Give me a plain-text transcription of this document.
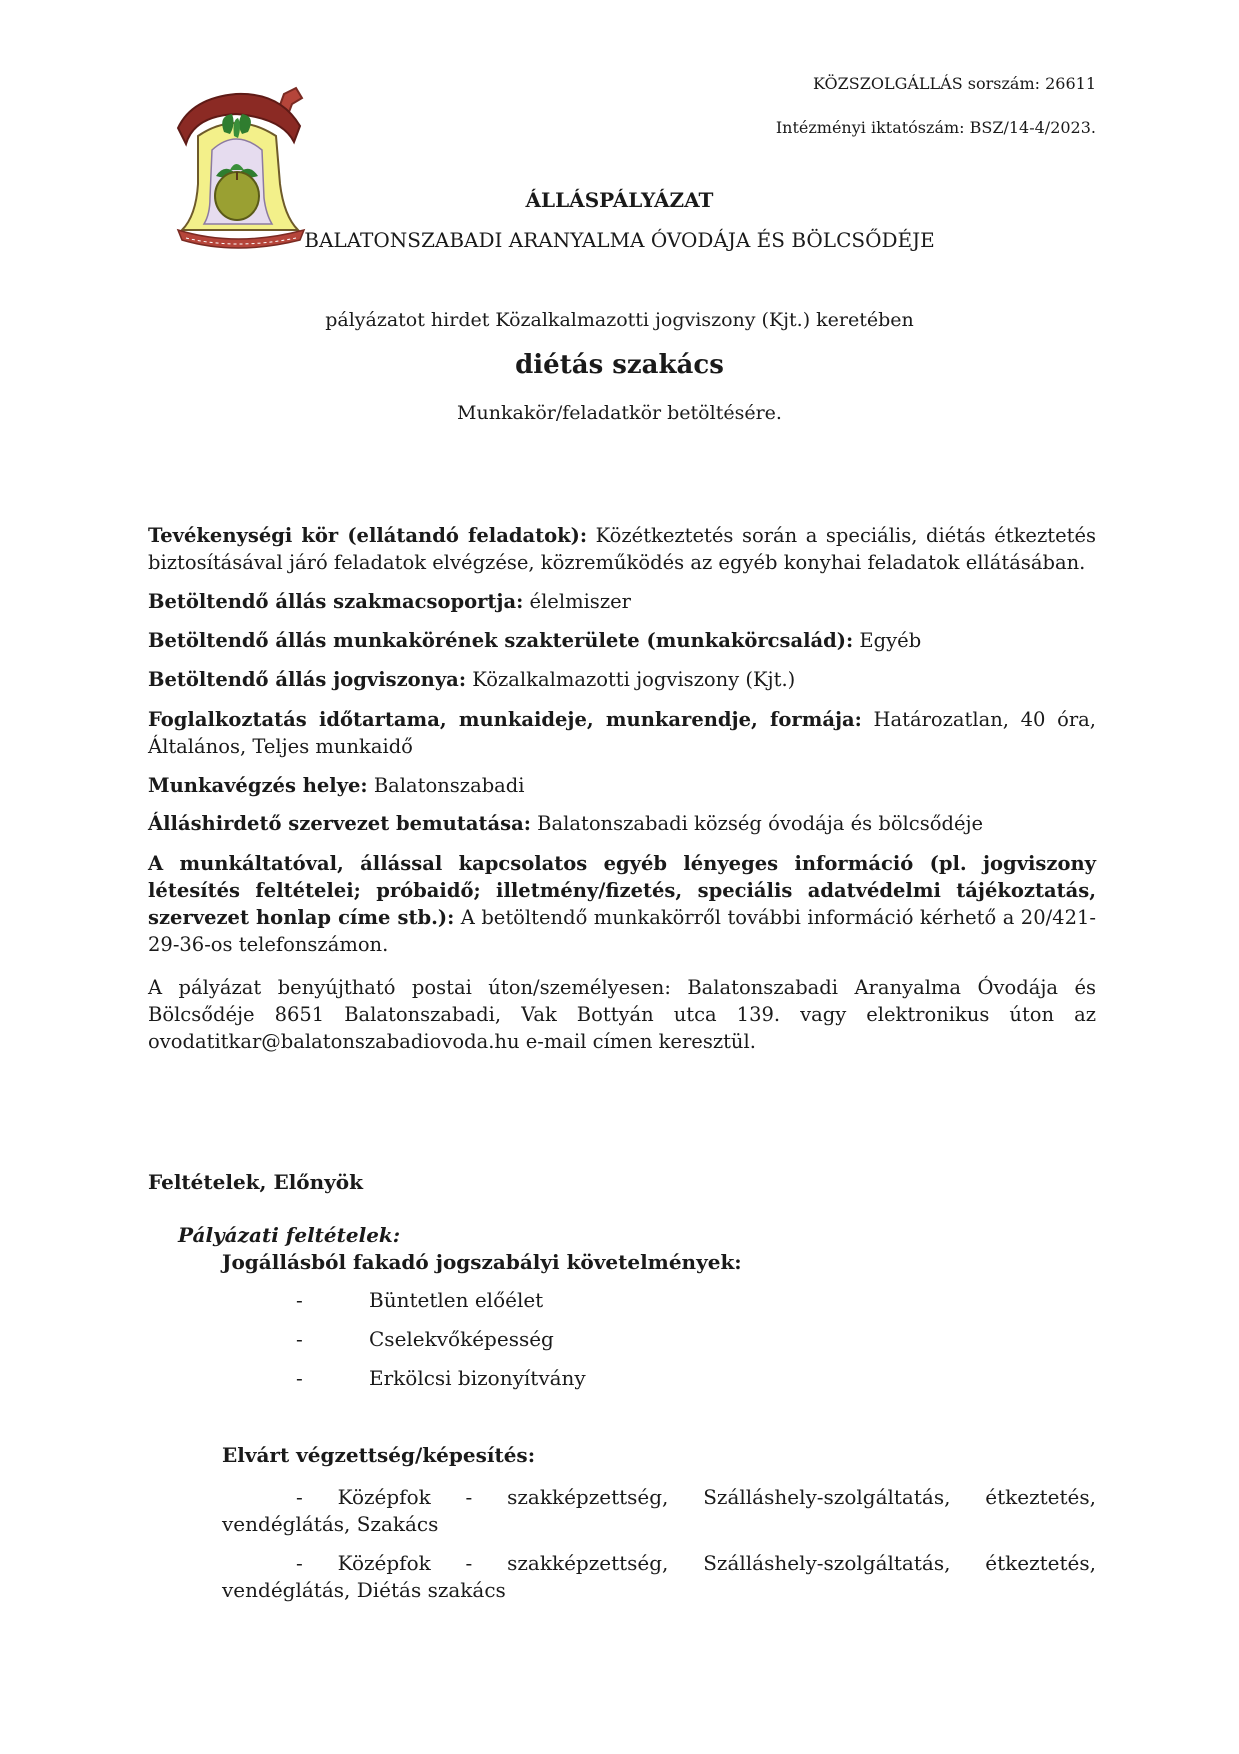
KÖZSZOLGÁLLÁS sorszám: 26611
Intézményi iktatószám: BSZ/14-4/2023.
ÁLLÁSPÁLYÁZAT
BALATONSZABADI ARANYALMA ÓVODÁJA ÉS BÖLCSŐDÉJE
pályázatot hirdet Közalkalmazotti jogviszony (Kjt.) keretében
diétás szakács
Munkakör/feladatkör betöltésére.
Tevékenységi kör (ellátandó feladatok): Közétkeztetés során a speciális, diétás étkeztetés biztosításával járó feladatok elvégzése, közreműködés az egyéb konyhai feladatok ellátásában.
Betöltendő állás szakmacsoportja: élelmiszer
Betöltendő állás munkakörének szakterülete (munkakörcsalád): Egyéb
Betöltendő állás jogviszonya: Közalkalmazotti jogviszony (Kjt.)
Foglalkoztatás időtartama, munkaideje, munkarendje, formája: Határozatlan, 40 óra, Általános, Teljes munkaidő
Munkavégzés helye: Balatonszabadi
Álláshirdető szervezet bemutatása: Balatonszabadi község óvodája és bölcsődéje
A munkáltatóval, állással kapcsolatos egyéb lényeges információ (pl. jogviszony létesítés feltételei; próbaidő; illetmény/fizetés, speciális adatvédelmi tájékoztatás, szervezet honlap címe stb.): A betöltendő munkakörről további információ kérhető a 20/421-29-36-os telefonszámon.
A pályázat benyújtható postai úton/személyesen: Balatonszabadi Aranyalma Óvodája és Bölcsődéje 8651 Balatonszabadi, Vak Bottyán utca 139. vagy elektronikus úton az ovodatitkar@balatonszabadiovoda.hu e-mail címen keresztül.
Feltételek, Előnyök
Pályázati feltételek:
Jogállásból fakadó jogszabályi követelmények:
-	Büntetlen előélet
-	Cselekvőképesség
-	Erkölcsi bizonyítvány
Elvárt végzettség/képesítés:
- Középfok - szakképzettség, Szálláshely-szolgáltatás, étkeztetés,
vendéglátás, Szakács
- Középfok - szakképzettség, Szálláshely-szolgáltatás, étkeztetés,
vendéglátás, Diétás szakács
